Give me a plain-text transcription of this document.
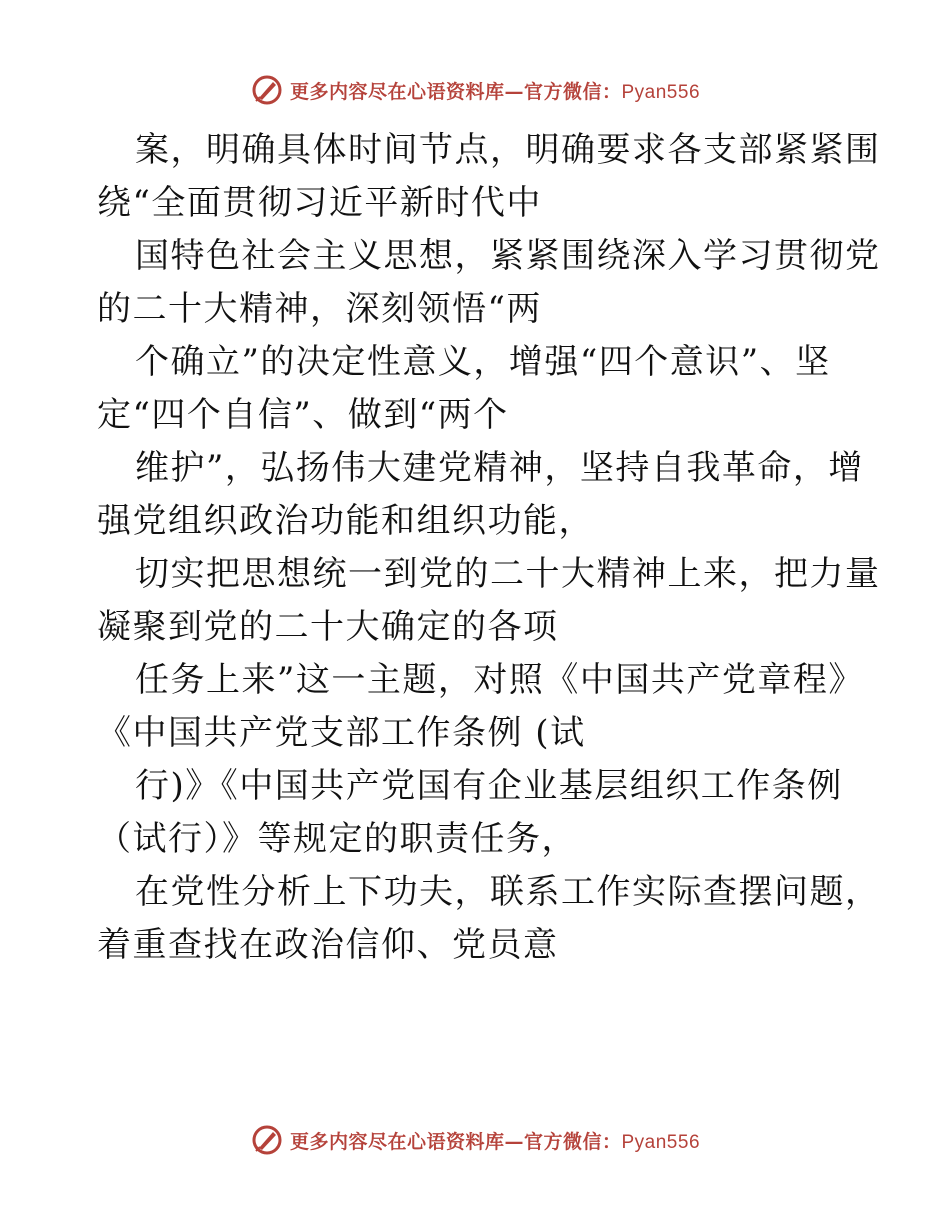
更多内容尽在心语资料库—官方微信：Pyan556
案，明确具体时间节点，明确要求各支部紧紧围
绕“全面贯彻习近平新时代中
国特色社会主义思想，紧紧围绕深入学习贯彻党
的二十大精神，深刻领悟“两
个确立”的决定性意义，增强“四个意识”、坚
定“四个自信”、做到“两个
维护”，弘扬伟大建党精神，坚持自我革命，增
强党组织政治功能和组织功能，
切实把思想统一到党的二十大精神上来，把力量
凝聚到党的二十大确定的各项
任务上来”这一主题，对照《中国共产党章程》
《中国共产党支部工作条例 (试
行)》《中国共产党国有企业基层组织工作条例
（试行）》等规定的职责任务，
在党性分析上下功夫，联系工作实际查摆问题，
着重查找在政治信仰、党员意
更多内容尽在心语资料库—官方微信：Pyan556
